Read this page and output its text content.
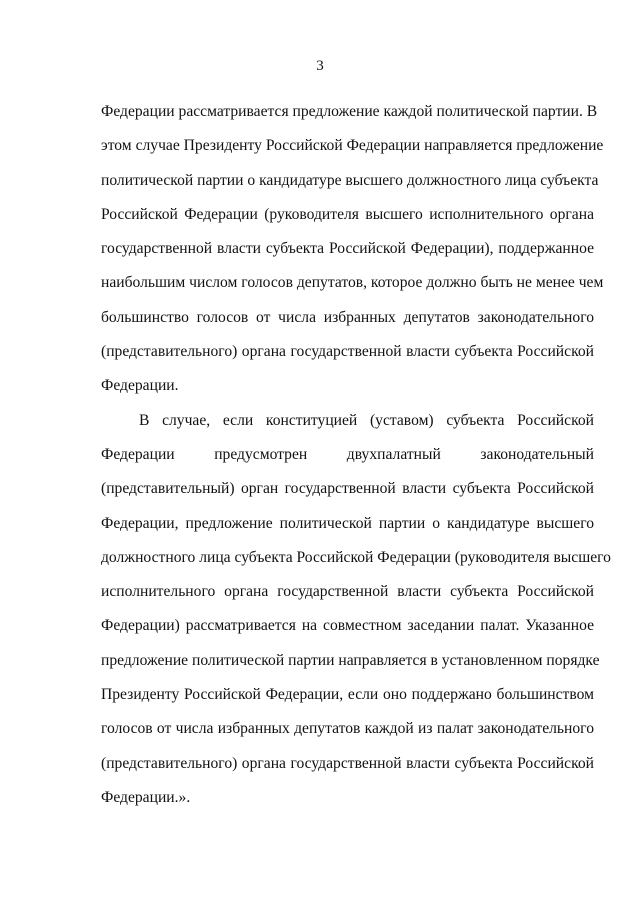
3
Федерации рассматривается предложение каждой политической партии. В
этом случае Президенту Российской Федерации направляется предложение
политической партии о кандидатуре высшего должностного лица субъекта
Российской Федерации (руководителя высшего исполнительного органа
государственной власти субъекта Российской Федерации), поддержанное
наибольшим числом голосов депутатов, которое должно быть не менее чем
большинство голосов от числа избранных депутатов законодательного
(представительного) органа государственной власти субъекта Российской
Федерации.
В случае, если конституцией (уставом) субъекта Российской
Федерации предусмотрен двухпалатный законодательный
(представительный) орган государственной власти субъекта Российской
Федерации, предложение политической партии о кандидатуре высшего
должностного лица субъекта Российской Федерации (руководителя высшего
исполнительного органа государственной власти субъекта Российской
Федерации) рассматривается на совместном заседании палат. Указанное
предложение политической партии направляется в установленном порядке
Президенту Российской Федерации, если оно поддержано большинством
голосов от числа избранных депутатов каждой из палат законодательного
(представительного) органа государственной власти субъекта Российской
Федерации.».
